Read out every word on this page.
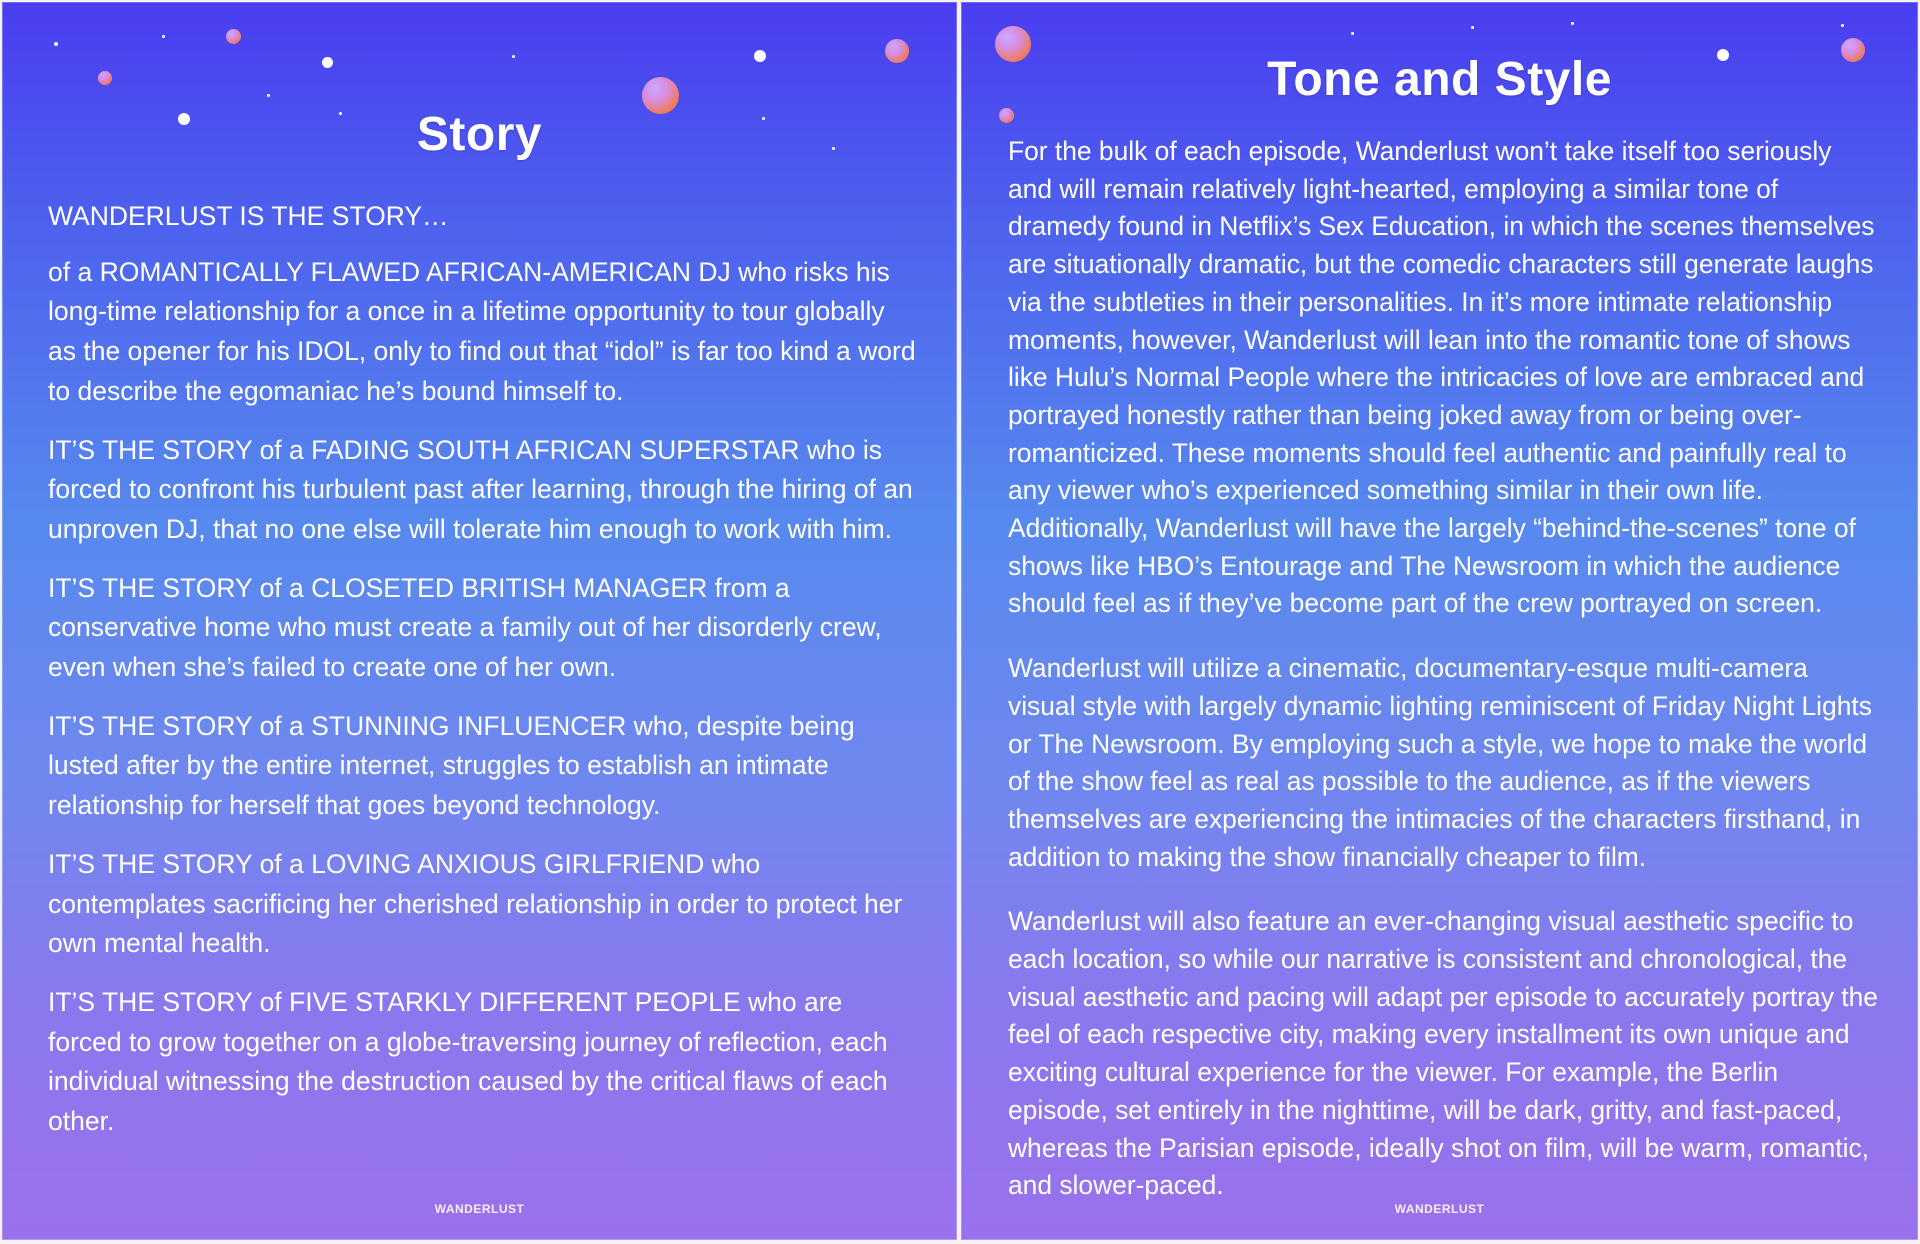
Story

WANDERLUST IS THE STORY…

of a ROMANTICALLY FLAWED AFRICAN-AMERICAN DJ who risks his long-time relationship for a once in a lifetime opportunity to tour globally as the opener for his IDOL, only to find out that “idol” is far too kind a word to describe the egomaniac he’s bound himself to.

IT’S THE STORY of a FADING SOUTH AFRICAN SUPERSTAR who is forced to confront his turbulent past after learning, through the hiring of an unproven DJ, that no one else will tolerate him enough to work with him.

IT’S THE STORY of a CLOSETED BRITISH MANAGER from a conservative home who must create a family out of her disorderly crew, even when she’s failed to create one of her own.

IT’S THE STORY of a STUNNING INFLUENCER who, despite being lusted after by the entire internet, struggles to establish an intimate relationship for herself that goes beyond technology.

IT’S THE STORY of a LOVING ANXIOUS GIRLFRIEND who contemplates sacrificing her cherished relationship in order to protect her own mental health.

IT’S THE STORY of FIVE STARKLY DIFFERENT PEOPLE who are forced to grow together on a globe-traversing journey of reflection, each individual witnessing the destruction caused by the critical flaws of each other.

WANDERLUST
Tone and Style

For the bulk of each episode, Wanderlust won’t take itself too seriously and will remain relatively light-hearted, employing a similar tone of dramedy found in Netflix’s Sex Education, in which the scenes themselves are situationally dramatic, but the comedic characters still generate laughs via the subtleties in their personalities. In it’s more intimate relationship moments, however, Wanderlust will lean into the romantic tone of shows like Hulu’s Normal People where the intricacies of love are embraced and portrayed honestly rather than being joked away from or being over-romanticized. These moments should feel authentic and painfully real to any viewer who’s experienced something similar in their own life. Additionally, Wanderlust will have the largely “behind-the-scenes” tone of shows like HBO’s Entourage and The Newsroom in which the audience should feel as if they’ve become part of the crew portrayed on screen.

Wanderlust will utilize a cinematic, documentary-esque multi-camera visual style with largely dynamic lighting reminiscent of Friday Night Lights or The Newsroom. By employing such a style, we hope to make the world of the show feel as real as possible to the audience, as if the viewers themselves are experiencing the intimacies of the characters firsthand, in addition to making the show financially cheaper to film.

Wanderlust will also feature an ever-changing visual aesthetic specific to each location, so while our narrative is consistent and chronological, the visual aesthetic and pacing will adapt per episode to accurately portray the feel of each respective city, making every installment its own unique and exciting cultural experience for the viewer. For example, the Berlin episode, set entirely in the nighttime, will be dark, gritty, and fast-paced, whereas the Parisian episode, ideally shot on film, will be warm, romantic, and slower-paced.

WANDERLUST
